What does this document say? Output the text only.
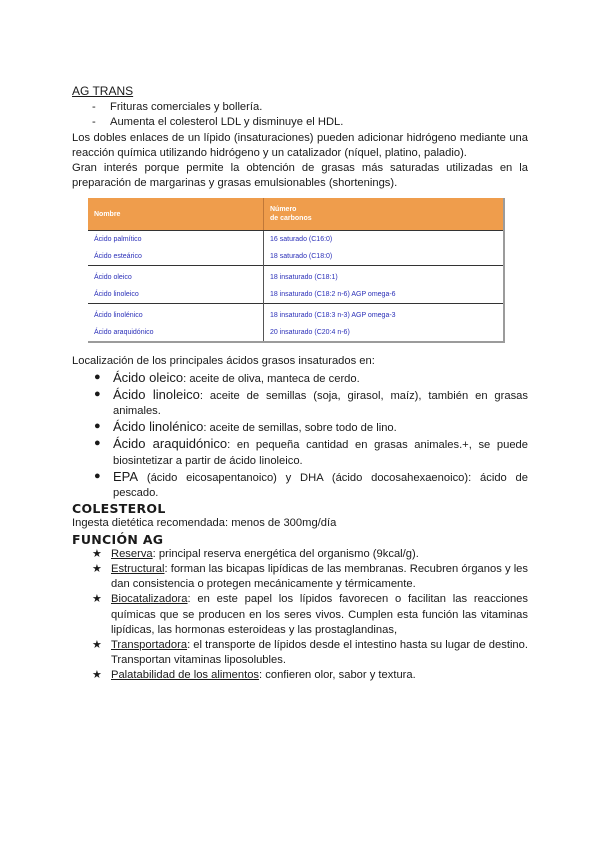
AG TRANS
- Frituras comerciales y bollería.
- Aumenta el colesterol LDL y disminuye el HDL.

Los dobles enlaces de un lípido (insaturaciones) pueden adicionar hidrógeno mediante una reacción química utilizando hidrógeno y un catalizador (níquel, platino, paladio).

Gran interés porque permite la obtención de grasas más saturadas utilizadas en la preparación de margarinas y grasas emulsionables (shortenings).

Nombre	Número
de carbonos
Ácido palmítico	16 saturado (C16:0)
Ácido esteárico	18 saturado (C18:0)
Ácido oleico	18 insaturado (C18:1)
Ácido linoleico	18 insaturado (C18:2 n-6) AGP omega-6
Ácido linolénico	18 insaturado (C18:3 n-3) AGP omega-3
Ácido araquidónico	20 insaturado (C20:4 n-6)
Localización de los principales ácidos grasos insaturados en:
● Ácido oleico: aceite de oliva, manteca de cerdo.
● Ácido linoleico: aceite de semillas (soja, girasol, maíz), también en grasas animales.
● Ácido linolénico: aceite de semillas, sobre todo de lino.
● Ácido araquidónico: en pequeña cantidad en grasas animales.+, se puede biosintetizar a partir de ácido linoleico.
● EPA (ácido eicosapentanoico) y DHA (ácido docosahexaenoico): ácido de pescado.
COLESTEROL
Ingesta dietética recomendada: menos de 300mg/día
FUNCIÓN AG
★ Reserva: principal reserva energética del organismo (9kcal/g).
★ Estructural: forman las bicapas lipídicas de las membranas. Recubren órganos y les dan consistencia o protegen mecánicamente y térmicamente.
★ Biocatalizadora: en este papel los lípidos favorecen o facilitan las reacciones químicas que se producen en los seres vivos. Cumplen esta función las vitaminas lipídicas, las hormonas esteroideas y las prostaglandinas,
★ Transportadora: el transporte de lípidos desde el intestino hasta su lugar de destino. Transportan vitaminas liposolubles.
★ Palatabilidad de los alimentos: confieren olor, sabor y textura.
